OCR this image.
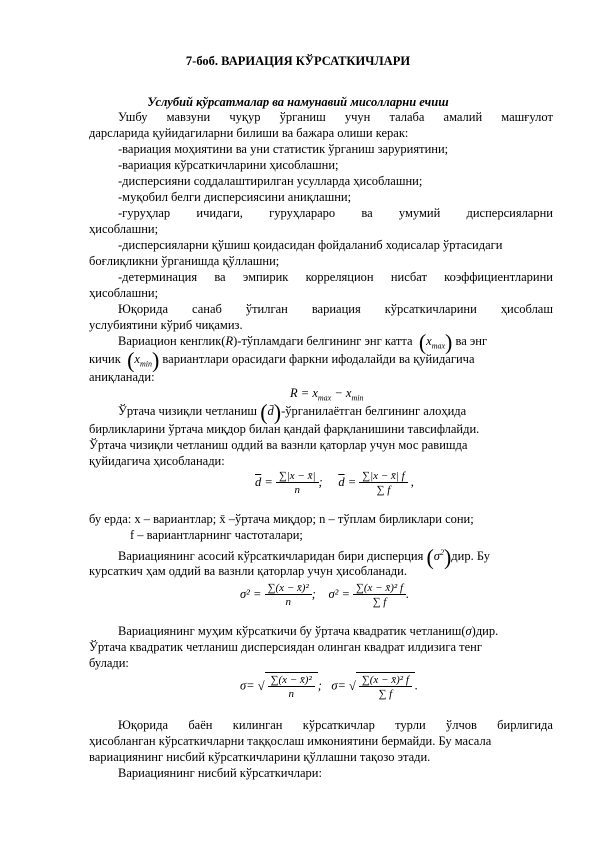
7-боб. ВАРИАЦИЯ КЎРСАТКИЧЛАРИ
Услубий кўрсатмалар ва намунавий мисолларни ечиш
Ушбу мавзуни чуқур ўрганиш учун талаба амалий машғулот
дарсларида қуйидагиларни билиши ва бажара олиши керак:
-вариация моҳиятини ва уни статистик ўрганиш заруриятини;
-вариация кўрсаткичларини ҳисоблашни;
-дисперсияни соддалаштирилган усулларда ҳисоблашни;
-муқобил белги дисперсиясини аниқлашни;
-гуруҳлар ичидаги, гуруҳлараро ва умумий дисперсияларни
ҳисоблашни;
-дисперсияларни қўшиш қоидасидан фойдаланиб ходисалар ўртасидаги
боғлиқликни ўрганишда қўллашни;
-детерминация ва эмпирик корреляцион нисбат коэффициентларини
ҳисоблашни;
Юқорида санаб ўтилган вариация кўрсаткичларини ҳисоблаш
услубиятини кўриб чиқамиз.
Вариацион кенглик(R)-тўпламдаги белгининг энг катта $(x_{max})$ ва энг
кичик $(x_{min})$ вариантлари орасидаги фаркни ифодалайди ва қуйидагича
аниқланади:
$R = x_{max} - x_{min}$
Ўртача чизиқли четланиш (d̄)-ўрганилаётган белгининг алоҳида
бирликларини ўртача миқдор билан қандай фарқланишини тавсифлайди.
Ўртача чизиқли четланиш оддий ва вазнли қаторлар учун мос равишда
қуйидагича ҳисобланади:
$\overline{d} = \frac{\sum|x - x̄|}{n}$ ; $\overline{d} = \frac{\sum|x - x̄| f}{\sum f}$ ,
бу ерда: x – вариантлар; x̄ –ўртача миқдор; n – тўплам бирликлари сони;
f – вариантларнинг частоталари;
Вариациянинг асосий кўрсаткичларидан бири дисперция $(\sigma^2)дир$. Бу
курсаткич ҳам оддий ва вазнли қаторлар учун ҳисобланади.
$\sigma^2 = \frac{\text{∑(x − x̄)²}}{n}$ ; $\sigma^2 = \frac{\text{∑(x − x̄)² f}}{\sum f}$ .
Вариациянинг муҳим кўрсаткичи бу ўртача квадратик четланиш(σ)дир.
Ўртача квадратик четланиш дисперсиядан олинган квадрат илдизига тенг
булади:
σ= √ $\frac{\text{∑(x − x̄)²}}{n}$ ; σ= √ $\frac{\text{∑(x − x̄)² f}}{\sum f}$ .
Юқорида баён килинган кўрсаткичлар турли ўлчов бирлигида
ҳисобланган кўрсаткичларни таққослаш имкониятини бермайди. Бу масала
вариациянинг нисбий кўрсаткичларини қўллашни тақозо этади.
Вариациянинг нисбий кўрсаткичлари:
